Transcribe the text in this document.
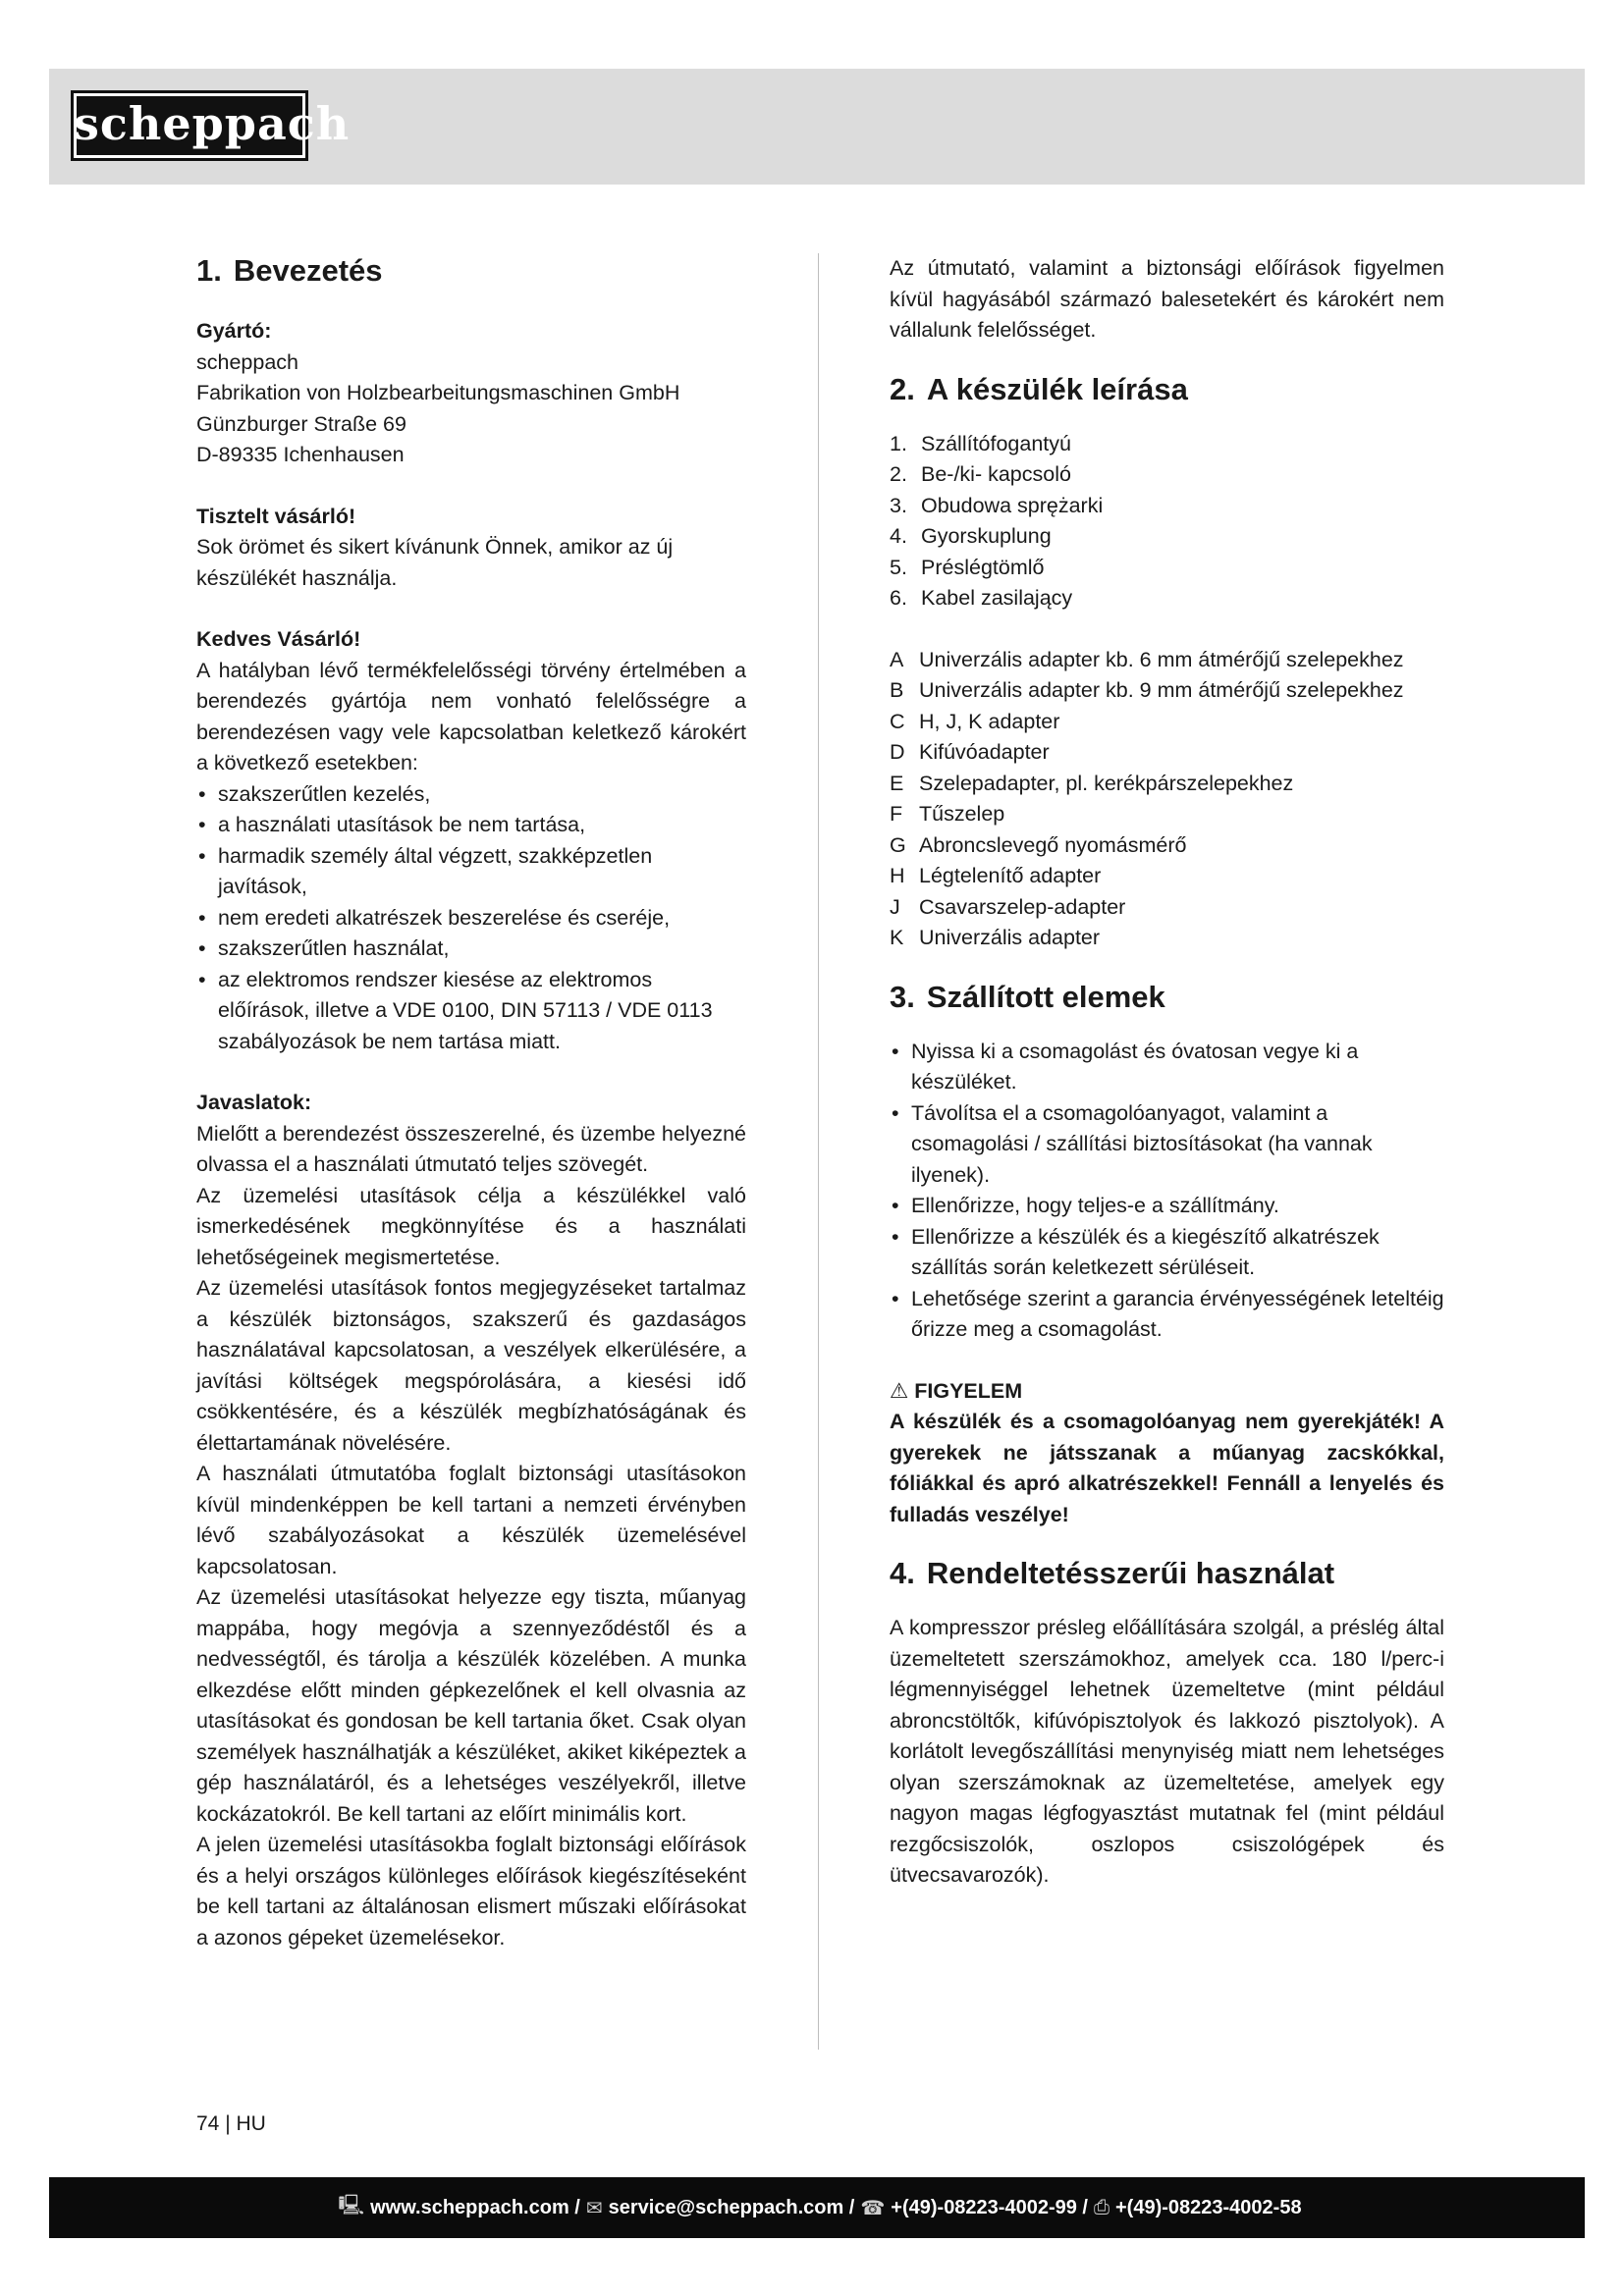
scheppach
1. Bevezetés

Gyártó:

scheppach

Fabrikation von Holzbearbeitungsmaschinen GmbH

Günzburger Straße 69

D-89335 Ichenhausen

Tisztelt vásárló!

Sok örömet és sikert kívánunk Önnek, amikor az új készülékét használja.

Kedves Vásárló!

A hatályban lévő termékfelelősségi törvény értelmében a berendezés gyártója nem vonható felelősségre a berendezésen vagy vele kapcsolatban keletkező károkért a következő esetekben:

• szakszerűtlen kezelés,
• a használati utasítások be nem tartása,
• harmadik személy által végzett, szakképzetlen javítások,
• nem eredeti alkatrészek beszerelése és cseréje,
• szakszerűtlen használat,
• az elektromos rendszer kiesése az elektromos előírások, illetve a VDE 0100, DIN 57113 / VDE 0113 szabályozások be nem tartása miatt.

Javaslatok:

Mielőtt a berendezést összeszerelné, és üzembe helyezné olvassa el a használati útmutató teljes szövegét.

Az üzemelési utasítások célja a készülékkel való ismerkedésének megkönnyítése és a használati lehetőségeinek megismertetése.

Az üzemelési utasítások fontos megjegyzéseket tartalmaz a készülék biztonságos, szakszerű és gazdaságos használatával kapcsolatosan, a veszélyek elkerülésére, a javítási költségek megspórolására, a kiesési idő csökkentésére, és a készülék megbízhatóságának és élettartamának növelésére.

A használati útmutatóba foglalt biztonsági utasításokon kívül mindenképpen be kell tartani a nemzeti érvényben lévő szabályozásokat a készülék üzemelésével kapcsolatosan.

Az üzemelési utasításokat helyezze egy tiszta, műanyag mappába, hogy megóvja a szennyeződéstől és a nedvességtől, és tárolja a készülék közelében. A munka elkezdése előtt minden gépkezelőnek el kell olvasnia az utasításokat és gondosan be kell tartania őket. Csak olyan személyek használhatják a készüléket, akiket kiképeztek a gép használatáról, és a lehetséges veszélyekről, illetve kockázatokról. Be kell tartani az előírt minimális kort.

A jelen üzemelési utasításokba foglalt biztonsági előírások és a helyi országos különleges előírások kiegészítéseként be kell tartani az általánosan elismert műszaki előírásokat a azonos gépeket üzemelésekor.

Az útmutató, valamint a biztonsági előírások figyelmen kívül hagyásából származó balesetekért és károkért nem vállalunk felelősséget.

2. A készülék leírása
1. Szállítófogantyú
2. Be-/ki- kapcsoló
3. Obudowa sprężarki
4. Gyorskuplung
5. Préslégtömlő
6. Kabel zasilający
A Univerzális adapter kb. 6 mm átmérőjű szelepekhez
B Univerzális adapter kb. 9 mm átmérőjű szelepekhez
C H, J, K adapter
D Kifúvóadapter
E Szelepadapter, pl. kerékpárszelepekhez
F Tűszelep
G Abroncslevegő nyomásmérő
H Légtelenítő adapter
J Csavarszelep-adapter
K Univerzális adapter
3. Szállított elemek
• Nyissa ki a csomagolást és óvatosan vegye ki a készüléket.
• Távolítsa el a csomagolóanyagot, valamint a csomagolási / szállítási biztosításokat (ha vannak ilyenek).
• Ellenőrizze, hogy teljes-e a szállítmány.
• Ellenőrizze a készülék és a kiegészítő alkatrészek szállítás során keletkezett sérüléseit.
• Lehetősége szerint a garancia érvényességének leteltéig őrizze meg a csomagolást.

⚠ FIGYELEM

A készülék és a csomagolóanyag nem gyerekjáték! A gyerekek ne játsszanak a műanyag zacskókkal, fóliákkal és apró alkatrészekkel! Fennáll a lenyelés és fulladás veszélye!

4. Rendeltetésszerűi használat

A kompresszor présleg előállítására szolgál, a préslég által üzemeltetett szerszámokhoz, amelyek cca. 180 l/perc-i légmennyiséggel lehetnek üzemeltetve (mint például abroncstöltők, kifúvópisztolyok és lakkozó pisztolyok). A korlátolt levegőszállítási menynyiség miatt nem lehetséges olyan szerszámoknak az üzemeltetése, amelyek egy nagyon magas légfogyasztást mutatnak fel (mint például rezgőcsiszolók, oszlopos csiszológépek és ütvecsavarozók).

74 | HU
🖳 www.scheppach.com / ✉ service@scheppach.com / ☎ +(49)-08223-4002-99 / ⎙ +(49)-08223-4002-58
